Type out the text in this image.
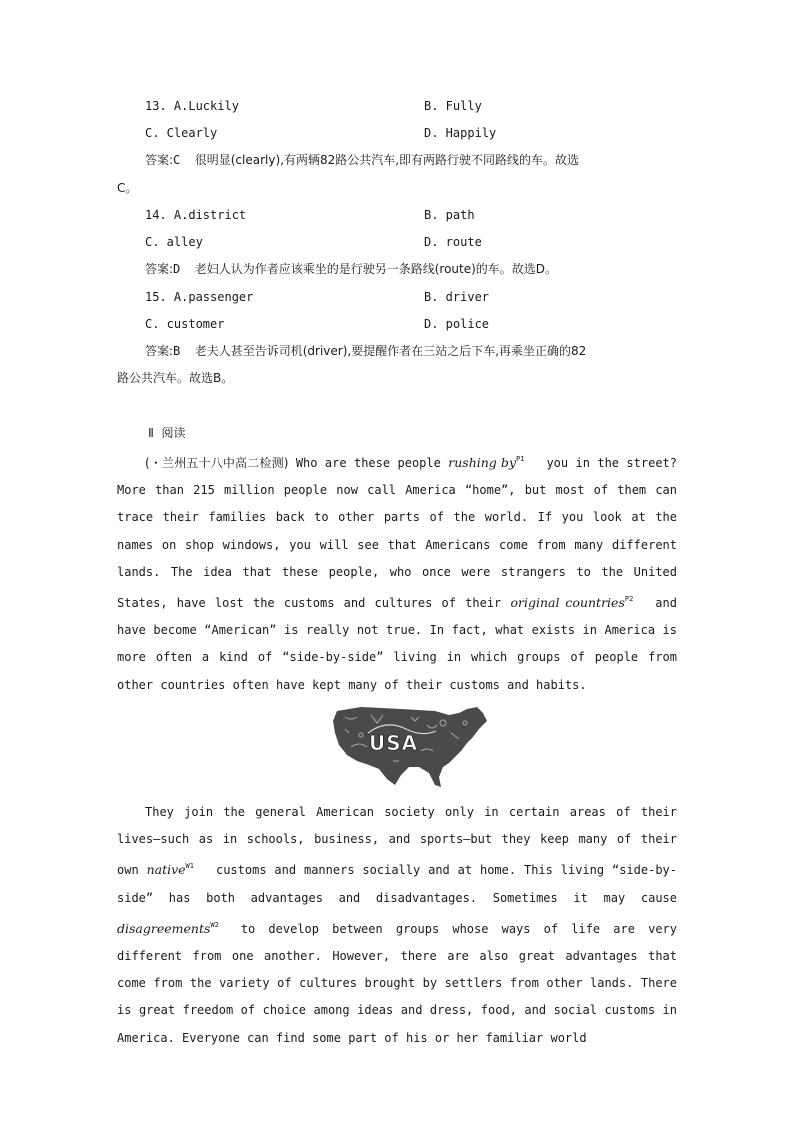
13. A.Luckily	B. Fully
C. Clearly	D. Happily
答案:C 很明显(clearly),有两辆82路公共汽车,即有两路行驶不同路线的车。故选
C。
14. A.district	B. path
C. alley	D. route
答案:D 老妇人认为作者应该乘坐的是行驶另一条路线(route)的车。故选D。
15. A.passenger	B. driver
C. customer	D. police
答案:B 老夫人甚至告诉司机(driver),要提醒作者在三站之后下车,再乘坐正确的82
路公共汽车。故选B。
Ⅱ 阅读
(・兰州五十八中高二检测) Who are these people rushing $by^{P1}$ you in the street? More than 215 million people now call America “home”, but most of them can trace their families back to other parts of the world. If you look at the names on shop windows, you will see that Americans come from many different lands. The idea that these people, who once were strangers to the United States, have lost the customs and cultures of their original countries$^{P2}$ and have become “American” is really not true. In fact, what exists in America is more often a kind of “side-by-side” living in which groups of people from other countries often have kept many of their customs and habits.
USA
They join the general American society only in certain areas of their lives—such as in schools, business, and sports—but they keep many of their own native$^{W1}$ customs and manners socially and at home. This living “side-by-side” has both advantages and disadvantages. Sometimes it may cause disagreements$^{W2}$ to develop between groups whose ways of life are very different from one another. However, there are also great advantages that come from the variety of cultures brought by settlers from other lands. There is great freedom of choice among ideas and dress, food, and social customs in America. Everyone can find some part of his or her familiar world
